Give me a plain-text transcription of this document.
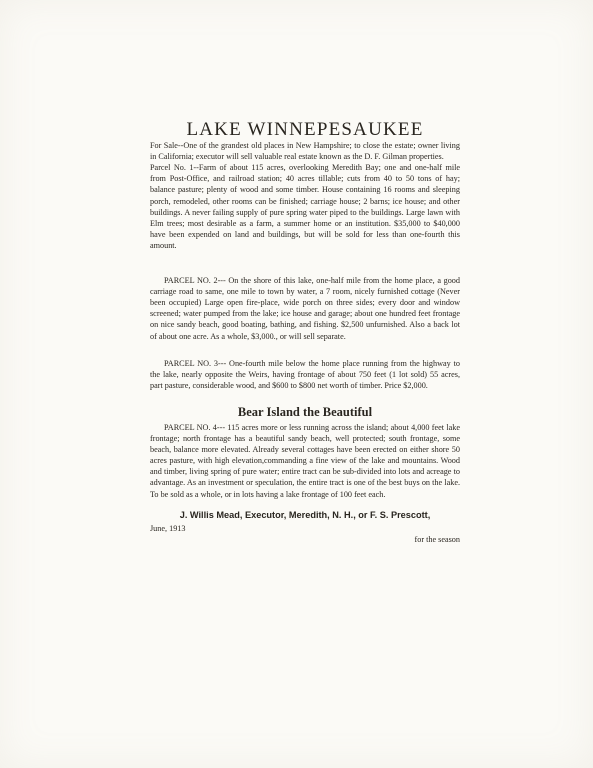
LAKE WINNEPESAUKEE

For Sale--One of the grandest old places in New Hampshire; to close the estate; owner living in California; executor will sell valuable real estate known as the D. F. Gilman properties.

Parcel No. 1--Farm of about 115 acres, overlooking Meredith Bay; one and one-half mile from Post-Office, and railroad station; 40 acres tillable; cuts from 40 to 50 tons of hay; balance pasture; plenty of wood and some timber. House containing 16 rooms and sleeping porch, remodeled, other rooms can be finished; carriage house; 2 barns; ice house; and other buildings. A never failing supply of pure spring water piped to the buildings. Large lawn with Elm trees; most desirable as a farm, a summer home or an institution. $35,000 to $40,000 have been expended on land and buildings, but will be sold for less than one-fourth this amount.

PARCEL NO. 2--- On the shore of this lake, one-half mile from the home place, a good carriage road to same, one mile to town by water, a 7 room, nicely furnished cottage (Never been occupied) Large open fire-place, wide porch on three sides; every door and window screened; water pumped from the lake; ice house and garage; about one hundred feet frontage on nice sandy beach, good boating, bathing, and fishing. $2,500 unfurnished. Also a back lot of about one acre. As a whole, $3,000., or will sell separate.

PARCEL NO. 3--- One-fourth mile below the home place running from the highway to the lake, nearly opposite the Weirs, having frontage of about 750 feet (1 lot sold) 55 acres, part pasture, considerable wood, and $600 to $800 net worth of timber. Price $2,000.

Bear Island the Beautiful

PARCEL NO. 4--- 115 acres more or less running across the island; about 4,000 feet lake frontage; north frontage has a beautiful sandy beach, well protected; south frontage, some beach, balance more elevated. Already several cottages have been erected on either shore 50 acres pasture, with high elevation,commanding a fine view of the lake and mountains. Wood and timber, living spring of pure water; entire tract can be sub-divided into lots and acreage to advantage. As an investment or speculation, the entire tract is one of the best buys on the lake. To be sold as a whole, or in lots having a lake frontage of 100 feet each.

J. Willis Mead, Executor, Meredith, N. H., or F. S. Prescott,
June, 1913
for the season
